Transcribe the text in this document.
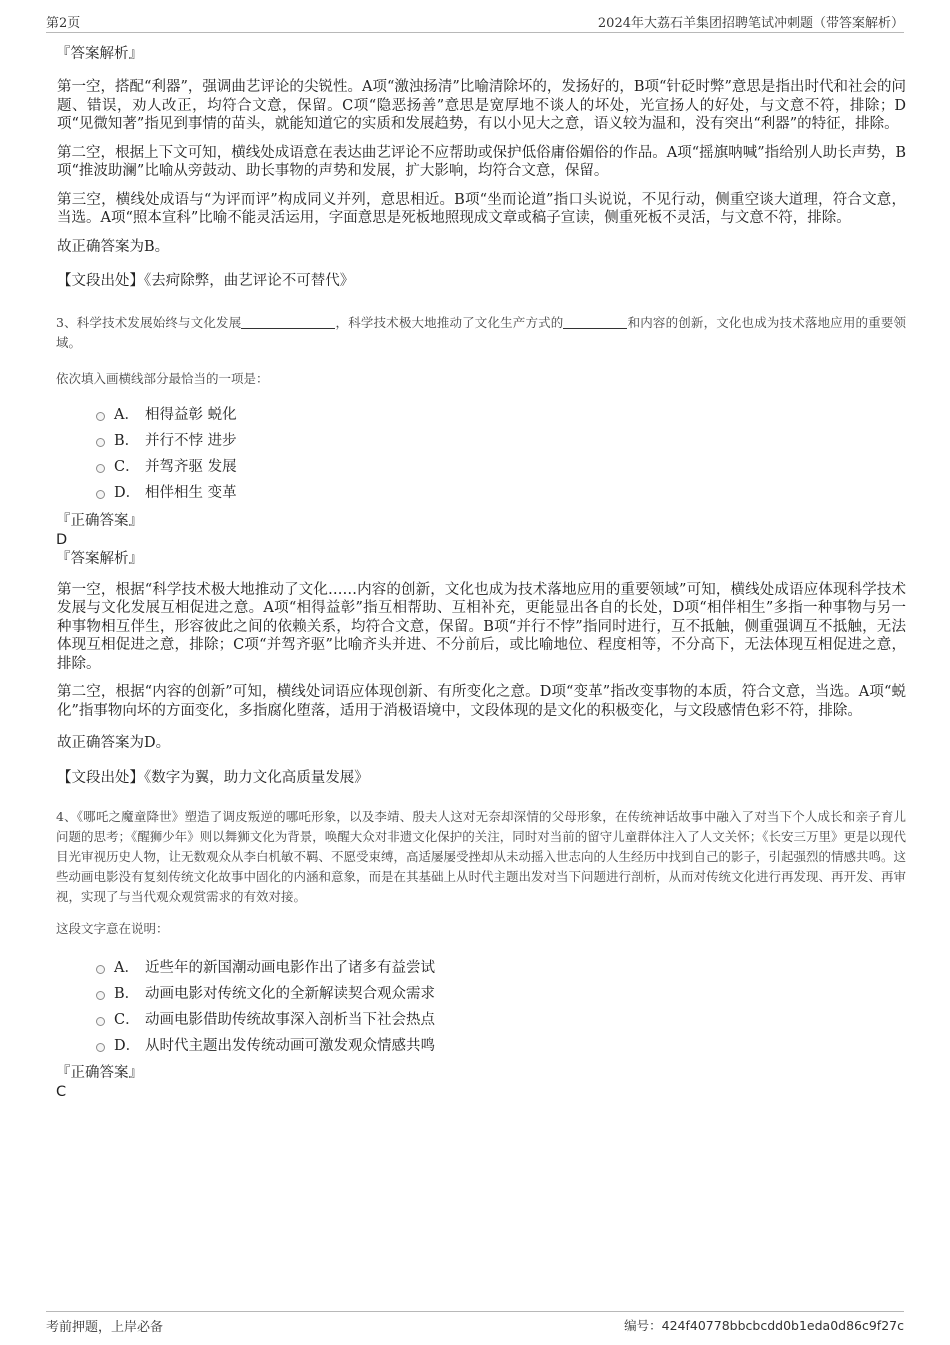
第2页	2024年大荔石羊集团招聘笔试冲刺题（带答案解析）

『答案解析』

第一空，搭配“利器”，强调曲艺评论的尖锐性。A项“激浊扬清”比喻清除坏的，发扬好的，B项“针砭时弊”意思是指出时代和社会的问题、错误，劝人改正，均符合文意，保留。C项“隐恶扬善”意思是宽厚地不谈人的坏处，光宣扬人的好处，与文意不符，排除；D项“见微知著”指见到事情的苗头，就能知道它的实质和发展趋势，有以小见大之意，语义较为温和，没有突出“利器”的特征，排除。

第二空，根据上下文可知，横线处成语意在表达曲艺评论不应帮助或保护低俗庸俗媚俗的作品。A项“摇旗呐喊”指给别人助长声势，B项“推波助澜”比喻从旁鼓动、助长事物的声势和发展，扩大影响，均符合文意，保留。

第三空，横线处成语与“为评而评”构成同义并列，意思相近。B项“坐而论道”指口头说说，不见行动，侧重空谈大道理，符合文意，当选。A项“照本宣科”比喻不能灵活运用，字面意思是死板地照现成文章或稿子宣读，侧重死板不灵活，与文意不符，排除。

故正确答案为B。

【文段出处】《去疴除弊，曲艺评论不可替代》

3、科学技术发展始终与文化发展	，科学技术极大地推动了文化生产方式的	和内容的创新，文化也成为技术落地应用的重要领域。

依次填入画横线部分最恰当的一项是：

A． 相得益彰 蜕化
B． 并行不悖 进步
C． 并驾齐驱 发展
D． 相伴相生 变革

『正确答案』

D

『答案解析』

第一空，根据“科学技术极大地推动了文化……内容的创新，文化也成为技术落地应用的重要领域”可知，横线处成语应体现科学技术发展与文化发展互相促进之意。A项“相得益彰”指互相帮助、互相补充，更能显出各自的长处，D项“相伴相生”多指一种事物与另一种事物相互伴生，形容彼此之间的依赖关系，均符合文意，保留。B项“并行不悖”指同时进行，互不抵触，侧重强调互不抵触，无法体现互相促进之意，排除；C项“并驾齐驱”比喻齐头并进、不分前后，或比喻地位、程度相等，不分高下，无法体现互相促进之意，排除。

第二空，根据“内容的创新”可知，横线处词语应体现创新、有所变化之意。D项“变革”指改变事物的本质，符合文意，当选。A项“蜕化”指事物向坏的方面变化，多指腐化堕落，适用于消极语境中，文段体现的是文化的积极变化，与文段感情色彩不符，排除。

故正确答案为D。

【文段出处】《数字为翼，助力文化高质量发展》

4、《哪吒之魔童降世》塑造了调皮叛逆的哪吒形象，以及李靖、殷夫人这对无奈却深情的父母形象，在传统神话故事中融入了对当下个人成长和亲子育儿问题的思考；《醒狮少年》则以舞狮文化为背景，唤醒大众对非遗文化保护的关注，同时对当前的留守儿童群体注入了人文关怀；《长安三万里》更是以现代目光审视历史人物，让无数观众从李白机敏不羁、不愿受束缚，高适屡屡受挫却从未动摇入世志向的人生经历中找到自己的影子，引起强烈的情感共鸣。这些动画电影没有复刻传统文化故事中固化的内涵和意象，而是在其基础上从时代主题出发对当下问题进行剖析，从而对传统文化进行再发现、再开发、再审视，实现了与当代观众观赏需求的有效对接。

这段文字意在说明：

A． 近些年的新国潮动画电影作出了诸多有益尝试
B． 动画电影对传统文化的全新解读契合观众需求
C． 动画电影借助传统故事深入剖析当下社会热点
D． 从时代主题出发传统动画可激发观众情感共鸣

『正确答案』

C

考前押题，上岸必备	编号：424f40778bbcbcdd0b1eda0d86c9f27c
